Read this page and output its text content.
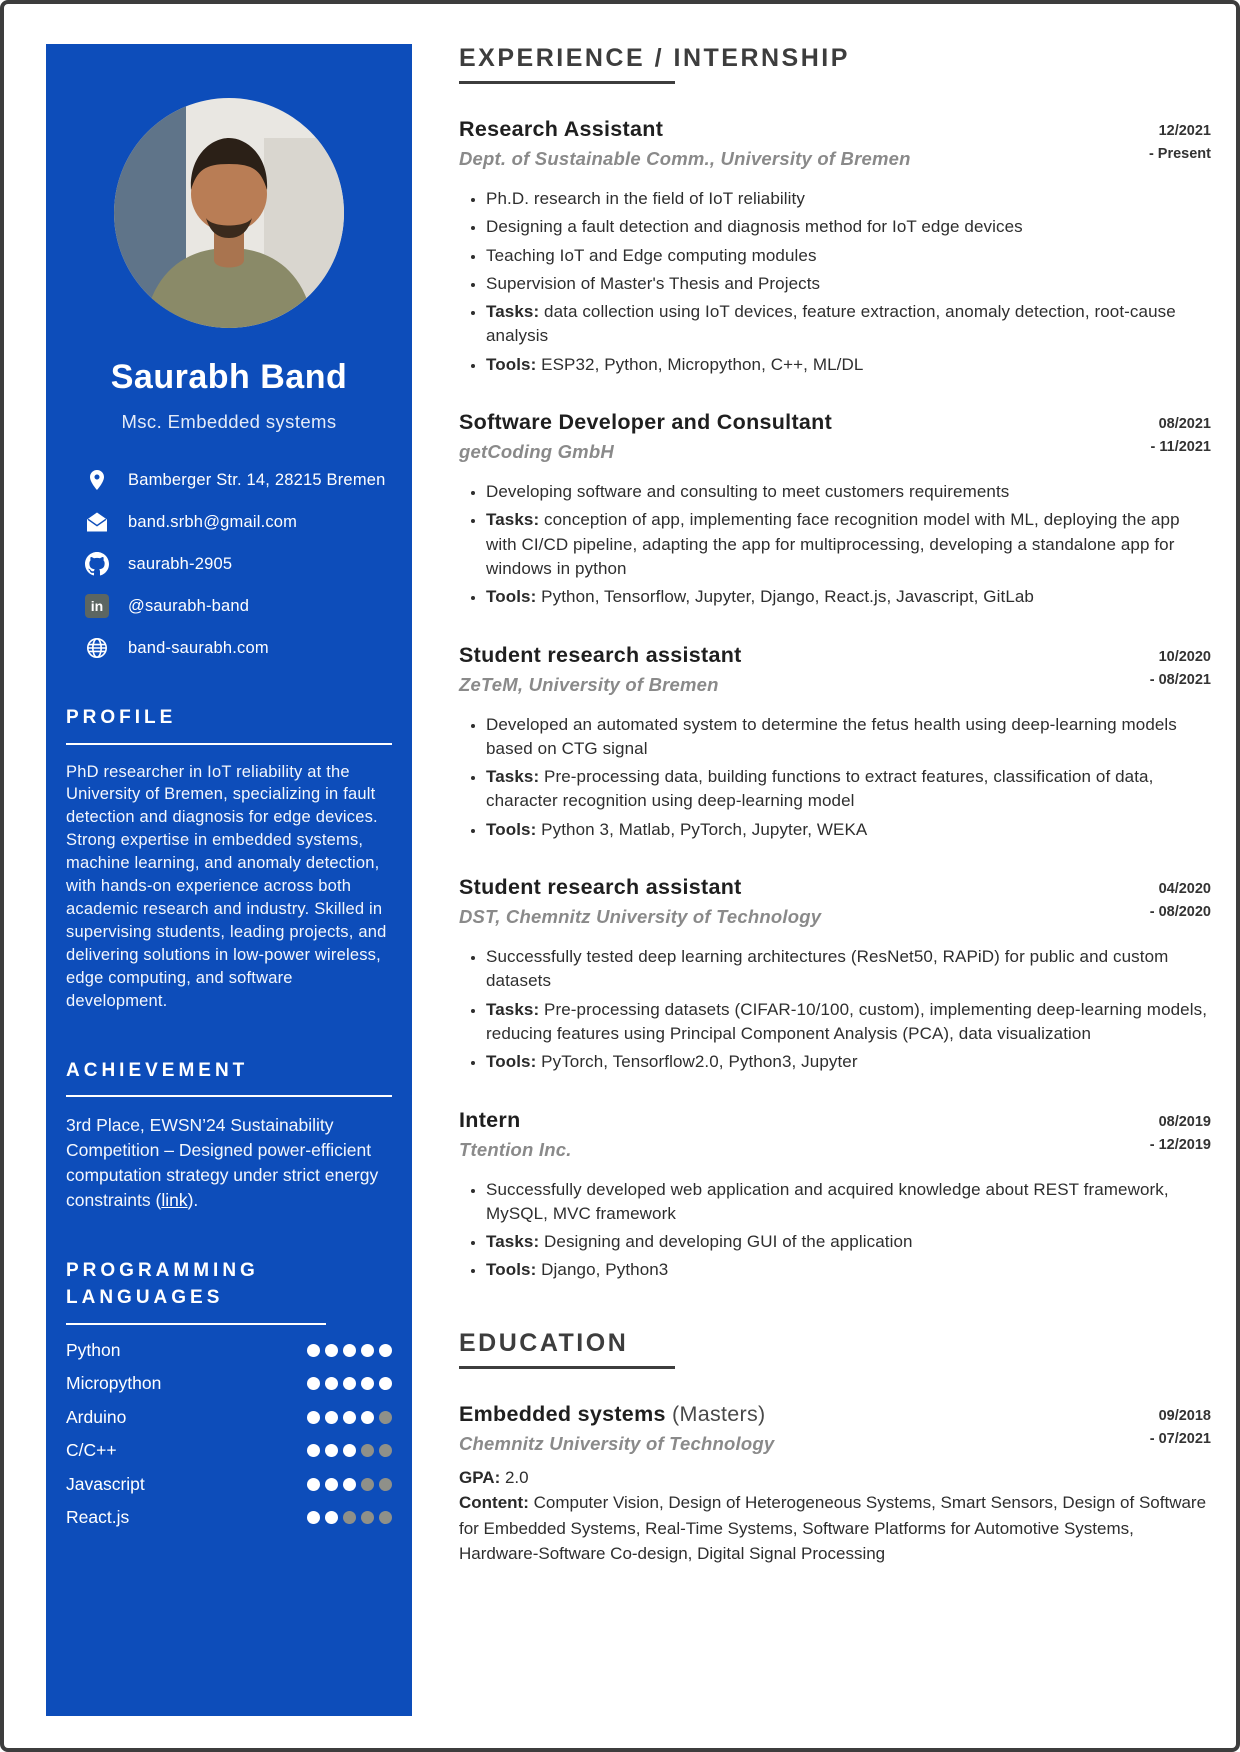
Saurabh Band
Msc. Embedded systems
Bamberger Str. 14, 28215 Bremen
band.srbh@gmail.com
saurabh-2905
in	@saurabh-band
band-saurabh.com
PROFILE

PhD researcher in IoT reliability at the University of Bremen, specializing in fault detection and diagnosis for edge devices. Strong expertise in embedded systems, machine learning, and anomaly detection, with hands-on experience across both academic research and industry. Skilled in supervising students, leading projects, and delivering solutions in low-power wireless, edge computing, and software development.

ACHIEVEMENT

3rd Place, EWSN’24 Sustainability Competition – Designed power-efficient computation strategy under strict energy constraints (link).

PROGRAMMING LANGUAGES
Python
Micropython
Arduino
C/C++
Javascript
React.js
EXPERIENCE / INTERNSHIP
Research Assistant
Dept. of Sustainable Comm., University of Bremen
12/2021
- Present
• Ph.D. research in the field of IoT reliability
• Designing a fault detection and diagnosis method for IoT edge devices
• Teaching IoT and Edge computing modules
• Supervision of Master's Thesis and Projects
• Tasks: data collection using IoT devices, feature extraction, anomaly detection, root-cause analysis
• Tools: ESP32, Python, Micropython, C++, ML/DL
Software Developer and Consultant
getCoding GmbH
08/2021
- 11/2021
• Developing software and consulting to meet customers requirements
• Tasks: conception of app, implementing face recognition model with ML, deploying the app with CI/CD pipeline, adapting the app for multiprocessing, developing a standalone app for windows in python
• Tools: Python, Tensorflow, Jupyter, Django, React.js, Javascript, GitLab
Student research assistant
ZeTeM, University of Bremen
10/2020
- 08/2021
• Developed an automated system to determine the fetus health using deep-learning models based on CTG signal
• Tasks: Pre-processing data, building functions to extract features, classification of data, character recognition using deep-learning model
• Tools: Python 3, Matlab, PyTorch, Jupyter, WEKA
Student research assistant
DST, Chemnitz University of Technology
04/2020
- 08/2020
• Successfully tested deep learning architectures (ResNet50, RAPiD) for public and custom datasets
• Tasks: Pre-processing datasets (CIFAR-10/100, custom), implementing deep-learning models, reducing features using Principal Component Analysis (PCA), data visualization
• Tools: PyTorch, Tensorflow2.0, Python3, Jupyter
Intern
Ttention Inc.
08/2019
- 12/2019
• Successfully developed web application and acquired knowledge about REST framework, MySQL, MVC framework
• Tasks: Designing and developing GUI of the application
• Tools: Django, Python3
EDUCATION
Embedded systems (Masters)
Chemnitz University of Technology
09/2018
- 07/2021
GPA: 2.0
Content: Computer Vision, Design of Heterogeneous Systems, Smart Sensors, Design of Software for Embedded Systems, Real-Time Systems, Software Platforms for Automotive Systems, Hardware-Software Co-design, Digital Signal Processing
